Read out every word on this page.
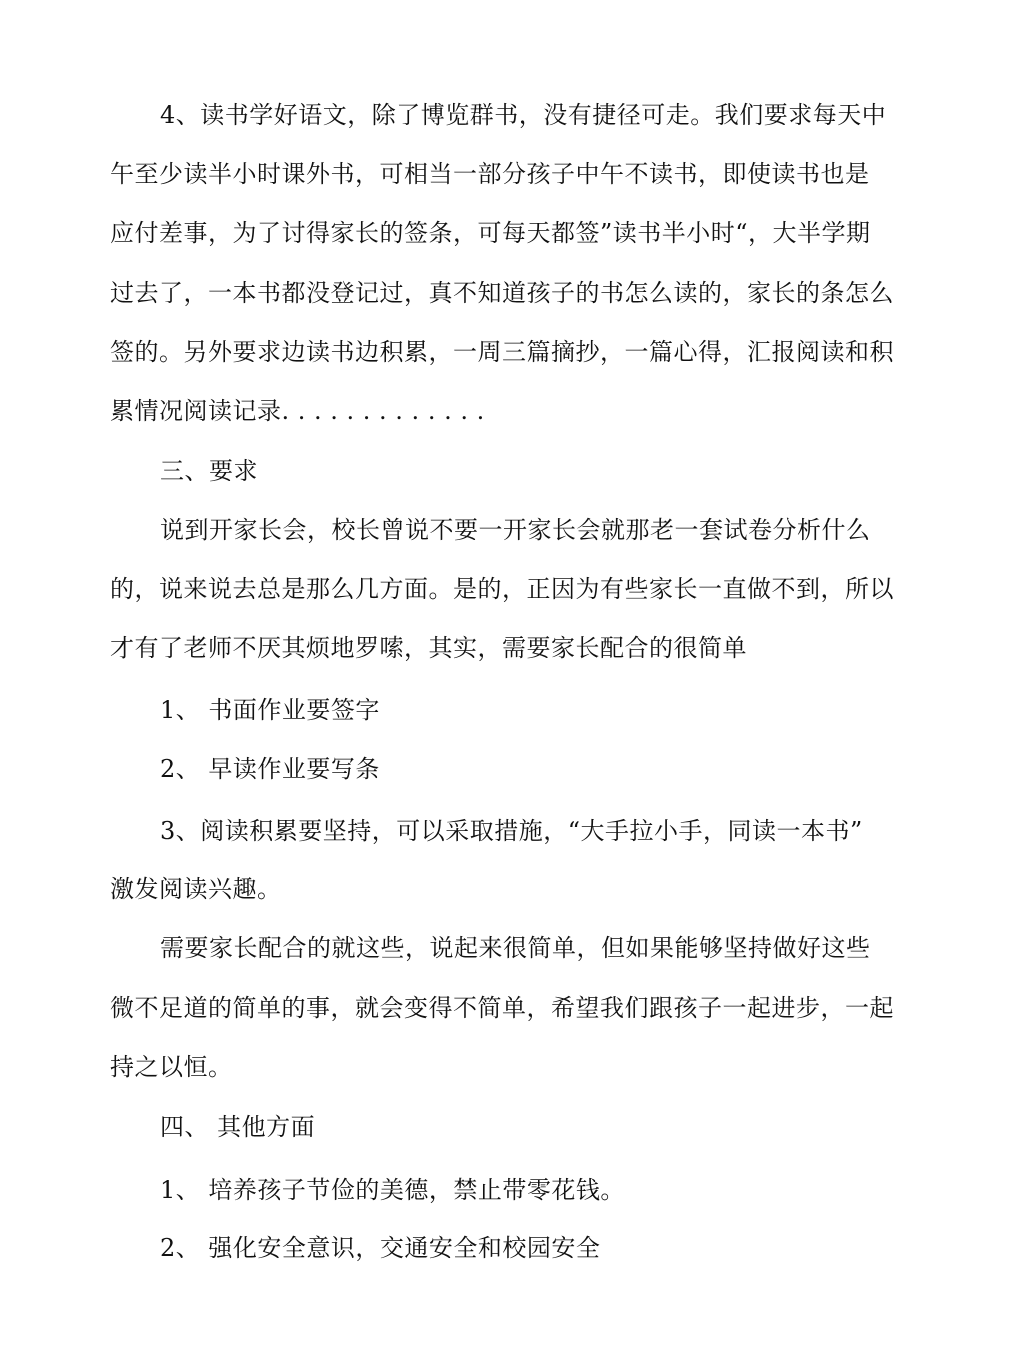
4、读书学好语文，除了博览群书，没有捷径可走。我们要求每天中
午至少读半小时课外书，可相当一部分孩子中午不读书，即使读书也是
应付差事，为了讨得家长的签条，可每天都签”读书半小时“，大半学期
过去了，一本书都没登记过，真不知道孩子的书怎么读的，家长的条怎么
签的。另外要求边读书边积累，一周三篇摘抄，一篇心得，汇报阅读和积
累情况阅读记录. . . . . . . . . . . . .
三、要求
说到开家长会，校长曾说不要一开家长会就那老一套试卷分析什么
的，说来说去总是那么几方面。是的，正因为有些家长一直做不到，所以
才有了老师不厌其烦地罗嗦，其实，需要家长配合的很简单
1、 书面作业要签字
2、 早读作业要写条
3、阅读积累要坚持，可以采取措施，“大手拉小手，同读一本书”
激发阅读兴趣。
需要家长配合的就这些，说起来很简单，但如果能够坚持做好这些
微不足道的简单的事，就会变得不简单，希望我们跟孩子一起进步，一起
持之以恒。
四、 其他方面
1、 培养孩子节俭的美德，禁止带零花钱。
2、 强化安全意识，交通安全和校园安全
